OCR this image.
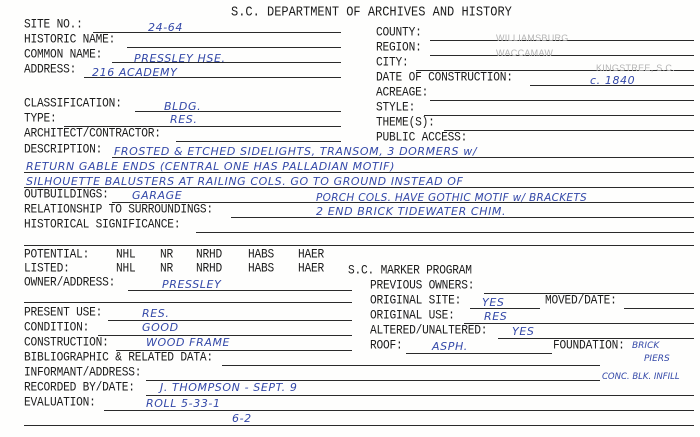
S.C. DEPARTMENT OF ARCHIVES AND HISTORY
SITE NO.:	24-64
HISTORIC NAME:
COMMON NAME:	PRESSLEY HSE.
ADDRESS: 216 ACADEMY
COUNTY:	WILLIAMSBURG
REGION:	WACCAMAW
CITY:	KINGSTREE, S.C.
DATE OF CONSTRUCTION:	c. 1840
ACREAGE:
CLASSIFICATION:	BLDG.
TYPE:	RES.
ARCHITECT/CONTRACTOR:
STYLE:
THEME(S):
PUBLIC ACCESS:
DESCRIPTION: FROSTED & ETCHED SIDELIGHTS, TRANSOM, 3 DORMERS w/
RETURN GABLE ENDS (CENTRAL ONE HAS PALLADIAN MOTIF)
SILHOUETTE BALUSTERS AT RAILING COLS. GO TO GROUND INSTEAD OF
OUTBUILDINGS: GARAGE	PORCH COLS. HAVE GOTHIC MOTIF w/ BRACKETS
RELATIONSHIP TO SURROUNDINGS:	2 END BRICK TIDEWATER CHIM.
HISTORICAL SIGNIFICANCE:
POTENTIAL: NHL NR NRHD HABS HAER
LISTED:	NHL NR NRHD HABS HAER S.C. MARKER PROGRAM
OWNER/ADDRESS:	PRESSLEY	PREVIOUS OWNERS:
ORIGINAL SITE: YES	MOVED/DATE:
ORIGINAL USE:	RES
ALTERED/UNALTERED: YES
ROOF:	ASPH.	FOUNDATION: BRICK
PIERS
CONC. BLK. INFILL
PRESENT USE:	RES.
CONDITION:	GOOD
CONSTRUCTION:	WOOD FRAME
BIBLIOGRAPHIC & RELATED DATA:
INFORMANT/ADDRESS:
RECORDED BY/DATE: J. THOMPSON - SEPT. 9
EVALUATION:	ROLL 5-33-1
6-2
